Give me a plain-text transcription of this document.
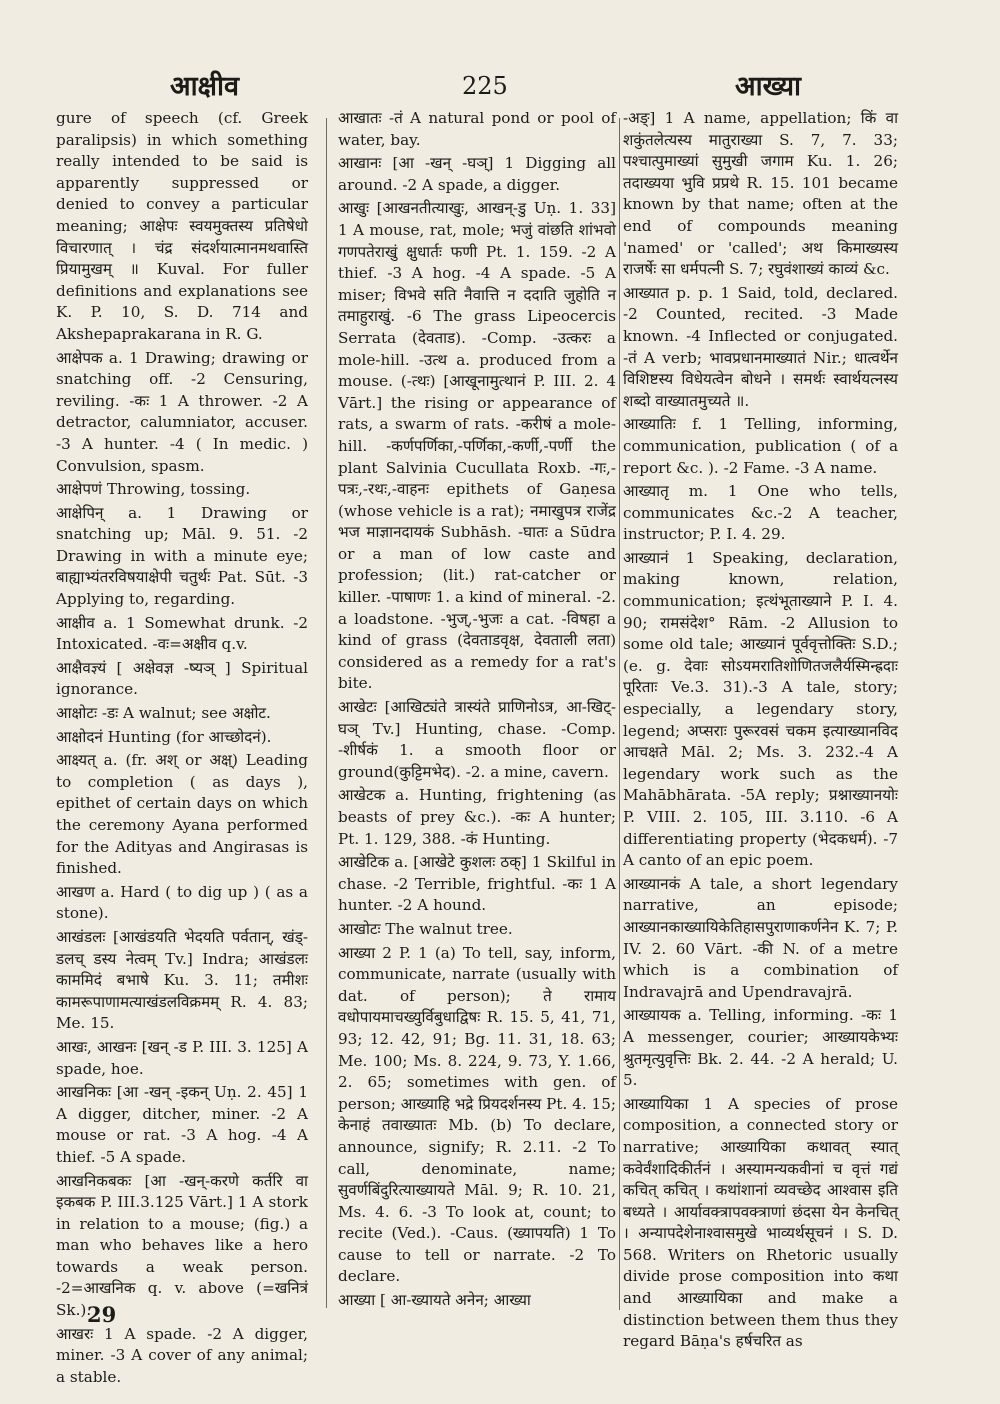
आक्षीव	225	आख्या

gure of speech (cf. Greek paralipsis) in which something really intended to be said is apparently suppressed or denied to convey a particular meaning; आक्षेपः स्वयमुक्तस्य प्रतिषेधो विचारणात् । चंद्र संदर्शयात्मानमथवास्ति प्रियामुखम् ॥ Kuval. For fuller definitions and explanations see K. P. 10, S. D. 714 and Akshepaprakarana in R. G.

आक्षेपक a. 1 Drawing; drawing or snatching off. -2 Censuring, reviling. -कः 1 A thrower. -2 A detractor, calumniator, accuser. -3 A hunter. -4 ( In medic. ) Convulsion, spasm.

आक्षेपणं Throwing, tossing.

आक्षेपिन् a. 1 Drawing or snatching up; Māl. 9. 51. -2 Drawing in with a minute eye; बाह्याभ्यंतरविषयाक्षेपी चतुर्थः Pat. Sūt. -3 Applying to, regarding.

आक्षीव a. 1 Somewhat drunk. -2 Intoxicated. -वः=अक्षीव q.v.

आक्षैवज्ञ्यं [ अक्षेवज्ञ -ष्यञ् ] Spiritual ignorance.

आक्षोटः -डः A walnut; see अक्षोट.

आक्षोदनं Hunting (for आच्छोदनं).

आक्ष्यत् a. (fr. अश् or अक्ष्) Leading to completion ( as days ), epithet of certain days on which the ceremony Ayana performed for the Adityas and Angirasas is finished.

आखण a. Hard ( to dig up ) ( as a stone).

आखंडलः [आखंडयति भेदयति पर्वतान्, खंड्-डलच् डस्य नेत्वम् Tv.] Indra; आखंडलः काममिदं बभाषे Ku. 3. 11; तमीशः कामरूपाणामत्याखंडलविक्रमम् R. 4. 83; Me. 15.

आखः, आखनः [खन् -ड P. III. 3. 125] A spade, hoe.

आखनिकः [आ -खन् -इकन् Uṇ. 2. 45] 1 A digger, ditcher, miner. -2 A mouse or rat. -3 A hog. -4 A thief. -5 A spade.

आखनिकबकः [आ -खन्-करणे कर्तरि वा इकबक P. III.3.125 Vārt.] 1 A stork in relation to a mouse; (fig.) a man who behaves like a hero towards a weak person. -2=आखनिक q. v. above (=खनित्रं Sk.).

आखरः 1 A spade. -2 A digger, miner. -3 A cover of any animal; a stable.

आखातः -तं A natural pond or pool of water, bay.

आखानः [आ -खन् -घञ्] 1 Digging all around. -2 A spade, a digger.

आखुः [आखनतीत्याखुः, आखन्-डु Uṇ. 1. 33] 1 A mouse, rat, mole; भजुं वांछति शांभवो गणपतेराखुं क्षुधार्तः फणी Pt. 1. 159. -2 A thief. -3 A hog. -4 A spade. -5 A miser; विभवे सति नैवात्ति न ददाति जुहोति न तमाहुराखुं. -6 The grass Lipeocercis Serrata (देवताड). -Comp. -उत्करः a mole-hill. -उत्थ a. produced from a mouse. (-त्थः) [आखूनामुत्थानं P. III. 2. 4 Vārt.] the rising or appearance of rats, a swarm of rats. -करीषं a mole-hill. -कर्णपर्णिका,-पर्णिका,-कर्णी,-पर्णी the plant Salvinia Cucullata Roxb. -गः,-पत्रः,-रथः,-वाहनः epithets of Gaṇesa (whose vehicle is a rat); नमाखुपत्र राजेंद्र भज माज्ञानदायकं Subhāsh. -घातः a Sūdra or a man of low caste and profession; (lit.) rat-catcher or killer. -पाषाणः 1. a kind of mineral. -2. a loadstone. -भुज्,-भुजः a cat. -विषहा a kind of grass (देवताडवृक्ष, देवताली लता) considered as a remedy for a rat's bite.

आखेटः [आखिट्यंते त्रास्यंते प्राणिनोऽत्र, आ-खिट्-घञ् Tv.] Hunting, chase. -Comp. -शीर्षकं 1. a smooth floor or ground(कुट्टिमभेद). -2. a mine, cavern.

आखेटक a. Hunting, frightening (as beasts of prey &c.). -कः A hunter; Pt. 1. 129, 388. -कं Hunting.

आखेटिक a. [आखेटे कुशलः ठक्] 1 Skilful in chase. -2 Terrible, frightful. -कः 1 A hunter. -2 A hound.

आखोटः The walnut tree.

आख्या 2 P. 1 (a) To tell, say, inform, communicate, narrate (usually with dat. of person); ते रामाय वधोपायमाचख्युर्विबुधाद्विषः R. 15. 5, 41, 71, 93; 12. 42, 91; Bg. 11. 31, 18. 63; Me. 100; Ms. 8. 224, 9. 73, Y. 1.66, 2. 65; sometimes with gen. of person; आख्याहि भद्रे प्रियदर्शनस्य Pt. 4. 15; केनाहं तवाख्यातः Mb. (b) To declare, announce, signify; R. 2.11. -2 To call, denominate, name; सुवर्णबिंदुरित्याख्यायते Māl. 9; R. 10. 21, Ms. 4. 6. -3 To look at, count; to recite (Ved.). -Caus. (ख्यापयति) 1 To cause to tell or narrate. -2 To declare.

आख्या [ आ-ख्यायते अनेन; आख्या

-अङ्] 1 A name, appellation; किं वा शकुंतलेत्यस्य मातुराख्या S. 7, 7. 33; पश्चात्पुमाख्यां सुमुखी जगाम Ku. 1. 26; तदाख्यया भुवि प्रप्रथे R. 15. 101 became known by that name; often at the end of compounds meaning 'named' or 'called'; अथ किमाख्यस्य राजर्षेः सा धर्मपत्नी S. 7; रघुवंशाख्यं काव्यं &c.

आख्यात p. p. 1 Said, told, declared. -2 Counted, recited. -3 Made known. -4 Inflected or conjugated. -तं A verb; भावप्रधानमाख्यातं Nir.; धात्वर्थेन विशिष्टस्य विधेयत्वेन बोधने । समर्थः स्वार्थयत्नस्य शब्दो वाख्यातमुच्यते ॥.

आख्यातिः f. 1 Telling, informing, communication, publication ( of a report &c. ). -2 Fame. -3 A name.

आख्यातृ m. 1 One who tells, communicates &c.-2 A teacher, instructor; P. I. 4. 29.

आख्यानं 1 Speaking, declaration, making known, relation, communication; इत्थंभूताख्याने P. I. 4. 90; रामसंदेश° Rām. -2 Allusion to some old tale; आख्यानं पूर्ववृत्तोक्तिः S.D.;(e. g. देवाः सोऽयमरातिशोणितजलैर्यस्मिन्ह्रदाः पूरिताः Ve.3. 31).-3 A tale, story; especially, a legendary story, legend; अप्सराः पुरूरवसं चकम इत्याख्यानविद आचक्षते Māl. 2; Ms. 3. 232.-4 A legendary work such as the Mahābhārata. -5A reply; प्रश्नाख्यानयोः P. VIII. 2. 105, III. 3.110. -6 A differentiating property (भेदकधर्म). -7 A canto of an epic poem.

आख्यानकं A tale, a short legendary narrative, an episode; आख्यानकाख्यायिकेतिहासपुराणाकर्णनेन K. 7; P. IV. 2. 60 Vārt. -की N. of a metre which is a combination of Indravajrā and Upendravajrā.

आख्यायक a. Telling, informing. -कः 1 A messenger, courier; आख्यायकेभ्यः श्रुतमृत्युवृत्तिः Bk. 2. 44. -2 A herald; U. 5.

आख्यायिका 1 A species of prose composition, a connected story or narrative; आख्यायिका कथावत् स्यात् कवेर्वंशादिकीर्तनं । अस्यामन्यकवीनां च वृत्तं गद्यं कचित् कचित् । कथांशानां व्यवच्छेद आश्वास इति बध्यते । आर्यावक्त्रापवक्त्राणां छंदसा येन केनचित् । अन्यापदेशेनाश्वासमुखे भाव्यर्थसूचनं । S. D. 568. Writers on Rhetoric usually divide prose composition into कथा and आख्यायिका and make a distinction between them thus they regard Bāṇa's हर्षचरित as

29
